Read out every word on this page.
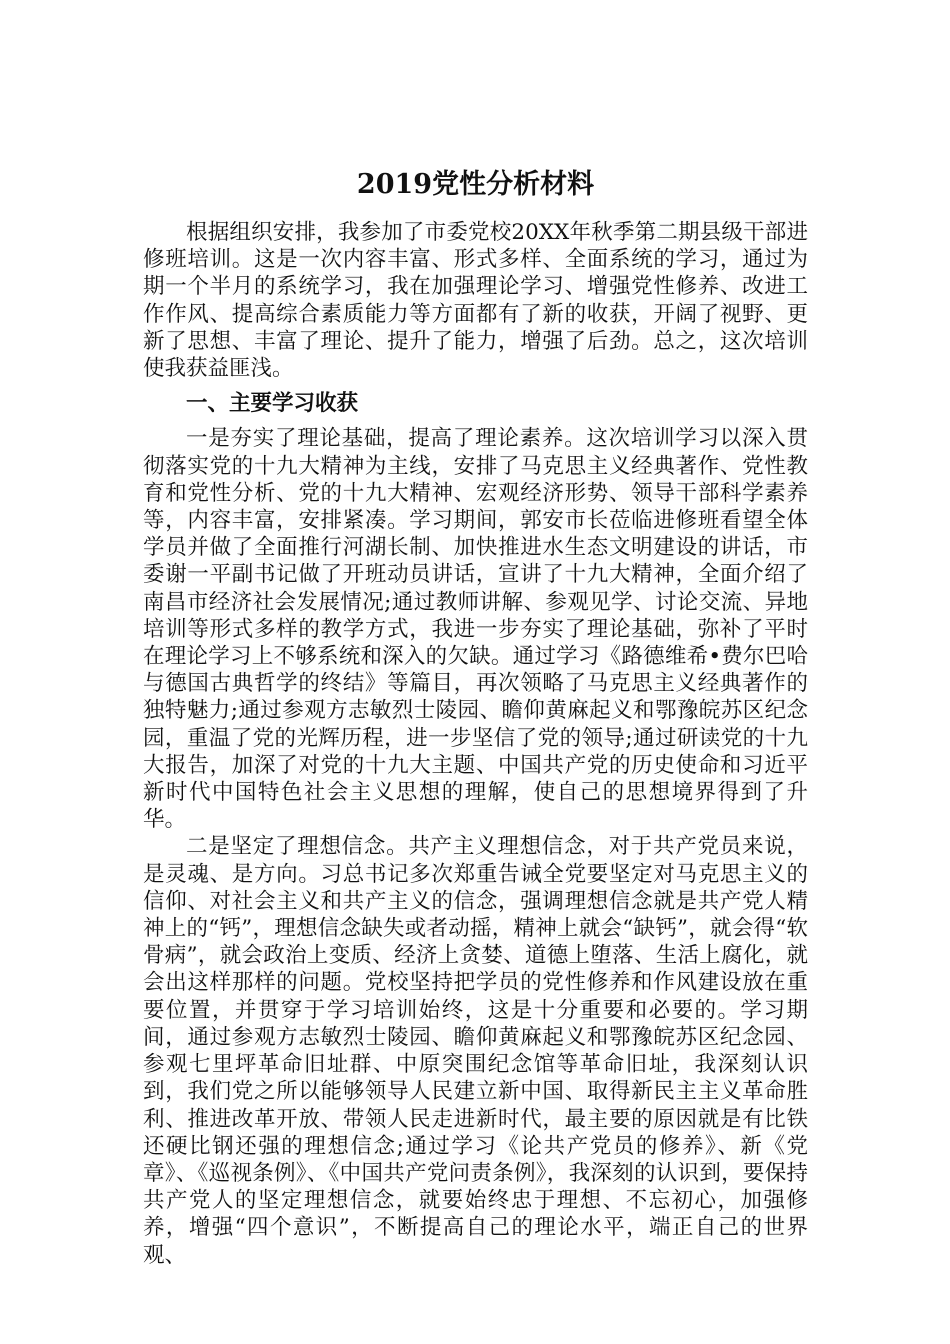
2019党性分析材料

根据组织安排，我参加了市委党校20XX年秋季第二期县级干部进修班培训。这是一次内容丰富、形式多样、全面系统的学习，通过为期一个半月的系统学习，我在加强理论学习、增强党性修养、改进工作作风、提高综合素质能力等方面都有了新的收获，开阔了视野、更新了思想、丰富了理论、提升了能力，增强了后劲。总之，这次培训使我获益匪浅。

一、主要学习收获

一是夯实了理论基础，提高了理论素养。这次培训学习以深入贯彻落实党的十九大精神为主线，安排了马克思主义经典著作、党性教育和党性分析、党的十九大精神、宏观经济形势、领导干部科学素养等，内容丰富，安排紧凑。学习期间，郭安市长莅临进修班看望全体学员并做了全面推行河湖长制、加快推进水生态文明建设的讲话，市委谢一平副书记做了开班动员讲话，宣讲了十九大精神，全面介绍了南昌市经济社会发展情况;通过教师讲解、参观见学、讨论交流、异地培训等形式多样的教学方式，我进一步夯实了理论基础，弥补了平时在理论学习上不够系统和深入的欠缺。通过学习《路德维希•费尔巴哈与德国古典哲学的终结》等篇目，再次领略了马克思主义经典著作的独特魅力;通过参观方志敏烈士陵园、瞻仰黄麻起义和鄂豫皖苏区纪念园，重温了党的光辉历程，进一步坚信了党的领导;通过研读党的十九大报告，加深了对党的十九大主题、中国共产党的历史使命和习近平新时代中国特色社会主义思想的理解，使自己的思想境界得到了升华。

二是坚定了理想信念。共产主义理想信念，对于共产党员来说，是灵魂、是方向。习总书记多次郑重告诫全党要坚定对马克思主义的信仰、对社会主义和共产主义的信念，强调理想信念就是共产党人精神上的“钙”，理想信念缺失或者动摇，精神上就会“缺钙”，就会得“软骨病”，就会政治上变质、经济上贪婪、道德上堕落、生活上腐化，就会出这样那样的问题。党校坚持把学员的党性修养和作风建设放在重要位置，并贯穿于学习培训始终，这是十分重要和必要的。学习期间，通过参观方志敏烈士陵园、瞻仰黄麻起义和鄂豫皖苏区纪念园、参观七里坪革命旧址群、中原突围纪念馆等革命旧址，我深刻认识到，我们党之所以能够领导人民建立新中国、取得新民主主义革命胜利、推进改革开放、带领人民走进新时代，最主要的原因就是有比铁还硬比钢还强的理想信念;通过学习《论共产党员的修养》、新《党章》、《巡视条例》、《中国共产党问责条例》，我深刻的认识到，要保持共产党人的坚定理想信念，就要始终忠于理想、不忘初心，加强修养，增强“四个意识”，不断提高自己的理论水平，端正自己的世界观、
